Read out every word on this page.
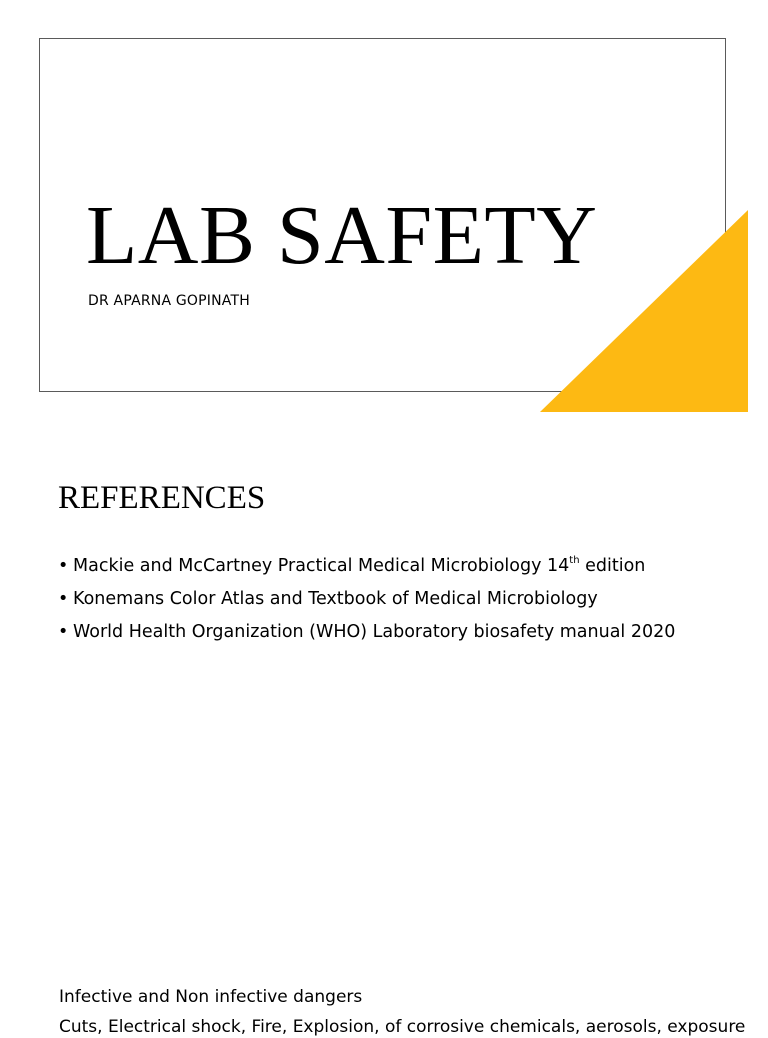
LAB SAFETY
DR APARNA GOPINATH
REFERENCES
• Mackie and McCartney Practical Medical Microbiology 14th edition
• Konemans Color Atlas and Textbook of Medical Microbiology
• World Health Organization (WHO) Laboratory biosafety manual 2020
Infective and Non infective dangers
Cuts, Electrical shock, Fire, Explosion, of corrosive chemicals, aerosols, exposure
